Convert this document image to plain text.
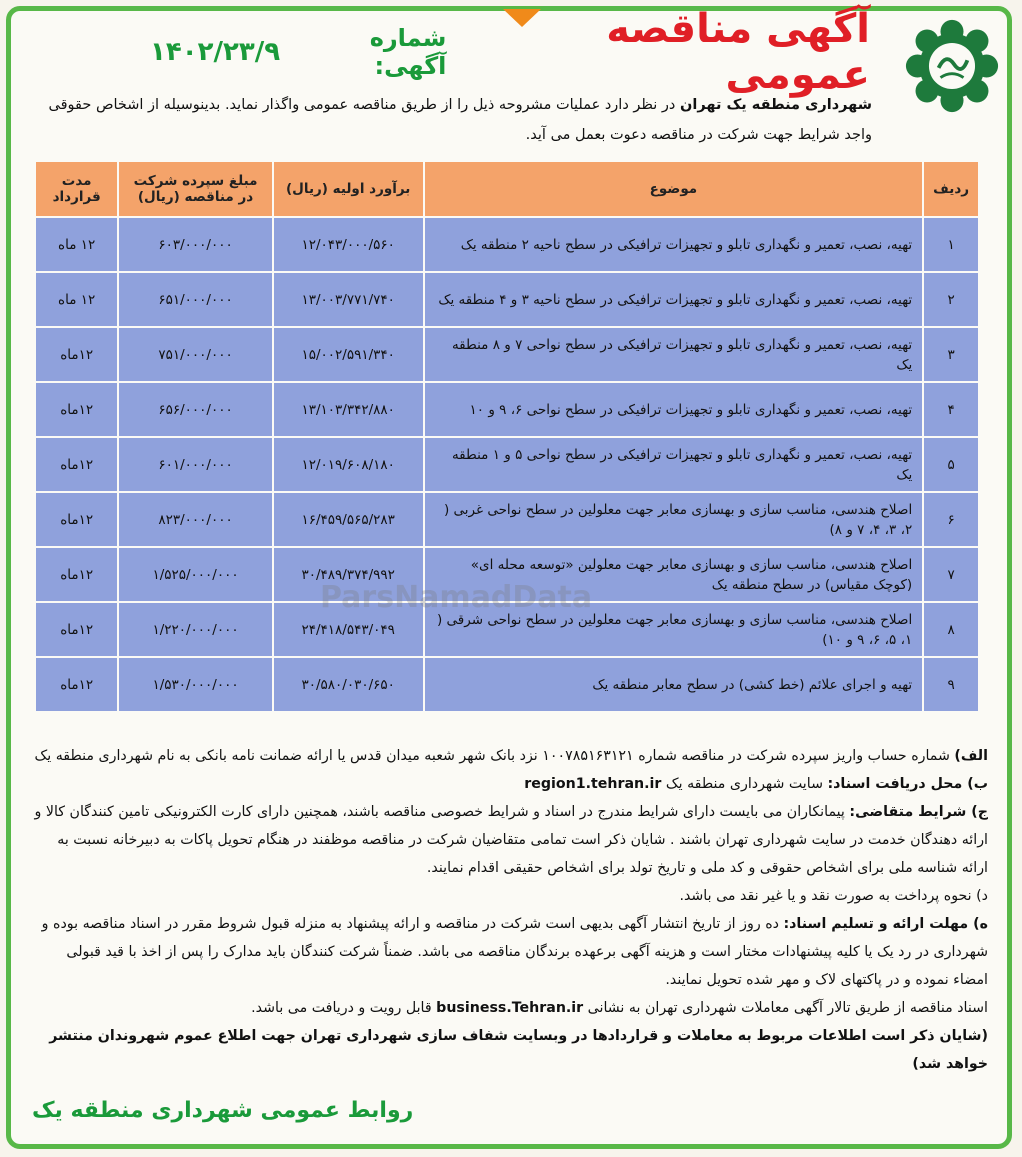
آگهی مناقصه عمومی
شماره آگهی:
۱۴۰۲/۲۳/۹
شهرداری منطقه یک تهران در نظر دارد عملیات مشروحه ذیل را از طریق مناقصه عمومی واگذار نماید. بدینوسیله از اشخاص حقوقی واجد شرایط جهت شرکت در مناقصه دعوت بعمل می آید.
ردیف	موضوع	برآورد اولیه (ریال)	مبلغ سپرده شرکت در مناقصه (ریال)	مدت قرارداد
۱	تهیه، نصب، تعمیر و نگهداری تابلو و تجهیزات ترافیکی در سطح ناحیه ۲ منطقه یک	۱۲/۰۴۳/۰۰۰/۵۶۰	۶۰۳/۰۰۰/۰۰۰	۱۲ ماه
۲	تهیه، نصب، تعمیر و نگهداری تابلو و تجهیزات ترافیکی در سطح ناحیه ۳ و ۴ منطقه یک	۱۳/۰۰۳/۷۷۱/۷۴۰	۶۵۱/۰۰۰/۰۰۰	۱۲ ماه
۳	تهیه، نصب، تعمیر و نگهداری تابلو و تجهیزات ترافیکی در سطح نواحی ۷ و ۸ منطقه یک	۱۵/۰۰۲/۵۹۱/۳۴۰	۷۵۱/۰۰۰/۰۰۰	۱۲ماه
۴	تهیه، نصب، تعمیر و نگهداری تابلو و تجهیزات ترافیکی در سطح نواحی ۶، ۹ و ۱۰	۱۳/۱۰۳/۳۴۲/۸۸۰	۶۵۶/۰۰۰/۰۰۰	۱۲ماه
۵	تهیه، نصب، تعمیر و نگهداری تابلو و تجهیزات ترافیکی در سطح نواحی ۵ و ۱ منطقه یک	۱۲/۰۱۹/۶۰۸/۱۸۰	۶۰۱/۰۰۰/۰۰۰	۱۲ماه
۶	اصلاح هندسی، مناسب سازی و بهسازی معابر جهت معلولین در سطح نواحی غربی ( ۲، ۳، ۴، ۷ و ۸)	۱۶/۴۵۹/۵۶۵/۲۸۳	۸۲۳/۰۰۰/۰۰۰	۱۲ماه
۷	اصلاح هندسی، مناسب سازی و بهسازی معابر جهت معلولین «توسعه محله ای» (کوچک مقیاس) در سطح منطقه یک	۳۰/۴۸۹/۳۷۴/۹۹۲	۱/۵۲۵/۰۰۰/۰۰۰	۱۲ماه
۸	اصلاح هندسی، مناسب سازی و بهسازی معابر جهت معلولین در سطح نواحی شرقی ( ۱، ۵، ۶، ۹ و ۱۰)	۲۴/۴۱۸/۵۴۳/۰۴۹	۱/۲۲۰/۰۰۰/۰۰۰	۱۲ماه
۹	تهیه و اجرای علائم (خط کشی) در سطح معابر منطقه یک	۳۰/۵۸۰/۰۳۰/۶۵۰	۱/۵۳۰/۰۰۰/۰۰۰	۱۲ماه
ParsNamadData

الف) شماره حساب واریز سپرده شرکت در مناقصه شماره ۱۰۰۷۸۵۱۶۳۱۲۱ نزد بانک شهر شعبه میدان قدس یا ارائه ضمانت نامه بانکی به نام شهرداری منطقه یک

ب) محل دریافت اسناد: سایت شهرداری منطقه یک region1.tehran.ir

ج) شرایط متقاضی: پیمانکاران می بایست دارای شرایط مندرج در اسناد و شرایط خصوصی مناقصه باشند، همچنین دارای کارت الکترونیکی تامین کنندگان کالا و ارائه دهندگان خدمت در سایت شهرداری تهران باشند . شایان ذکر است تمامی متقاضیان شرکت در مناقصه موظفند در هنگام تحویل پاکات به دبیرخانه نسبت به ارائه شناسه ملی برای اشخاص حقوقی و کد ملی و تاریخ تولد برای اشخاص حقیقی اقدام نمایند.

د) نحوه پرداخت به صورت نقد و یا غیر نقد می باشد.

ه) مهلت ارائه و تسلیم اسناد: ده روز از تاریخ انتشار آگهی بدیهی است شرکت در مناقصه و ارائه پیشنهاد به منزله قبول شروط مقرر در اسناد مناقصه بوده و شهرداری در رد یک یا کلیه پیشنهادات مختار است و هزینه آگهی برعهده برندگان مناقصه می باشد. ضمناً شرکت کنندگان باید مدارک را پس از اخذ با قید قبولی امضاء نموده و در پاکتهای لاک و مهر شده تحویل نمایند.

اسناد مناقصه از طریق تالار آگهی معاملات شهرداری تهران به نشانی business.Tehran.ir قابل رویت و دریافت می باشد.

(شایان ذکر است اطلاعات مربوط به معاملات و قراردادها در وبسایت شفاف سازی شهرداری تهران جهت اطلاع عموم شهروندان منتشر خواهد شد)

روابط عمومی شهرداری منطقه یک
